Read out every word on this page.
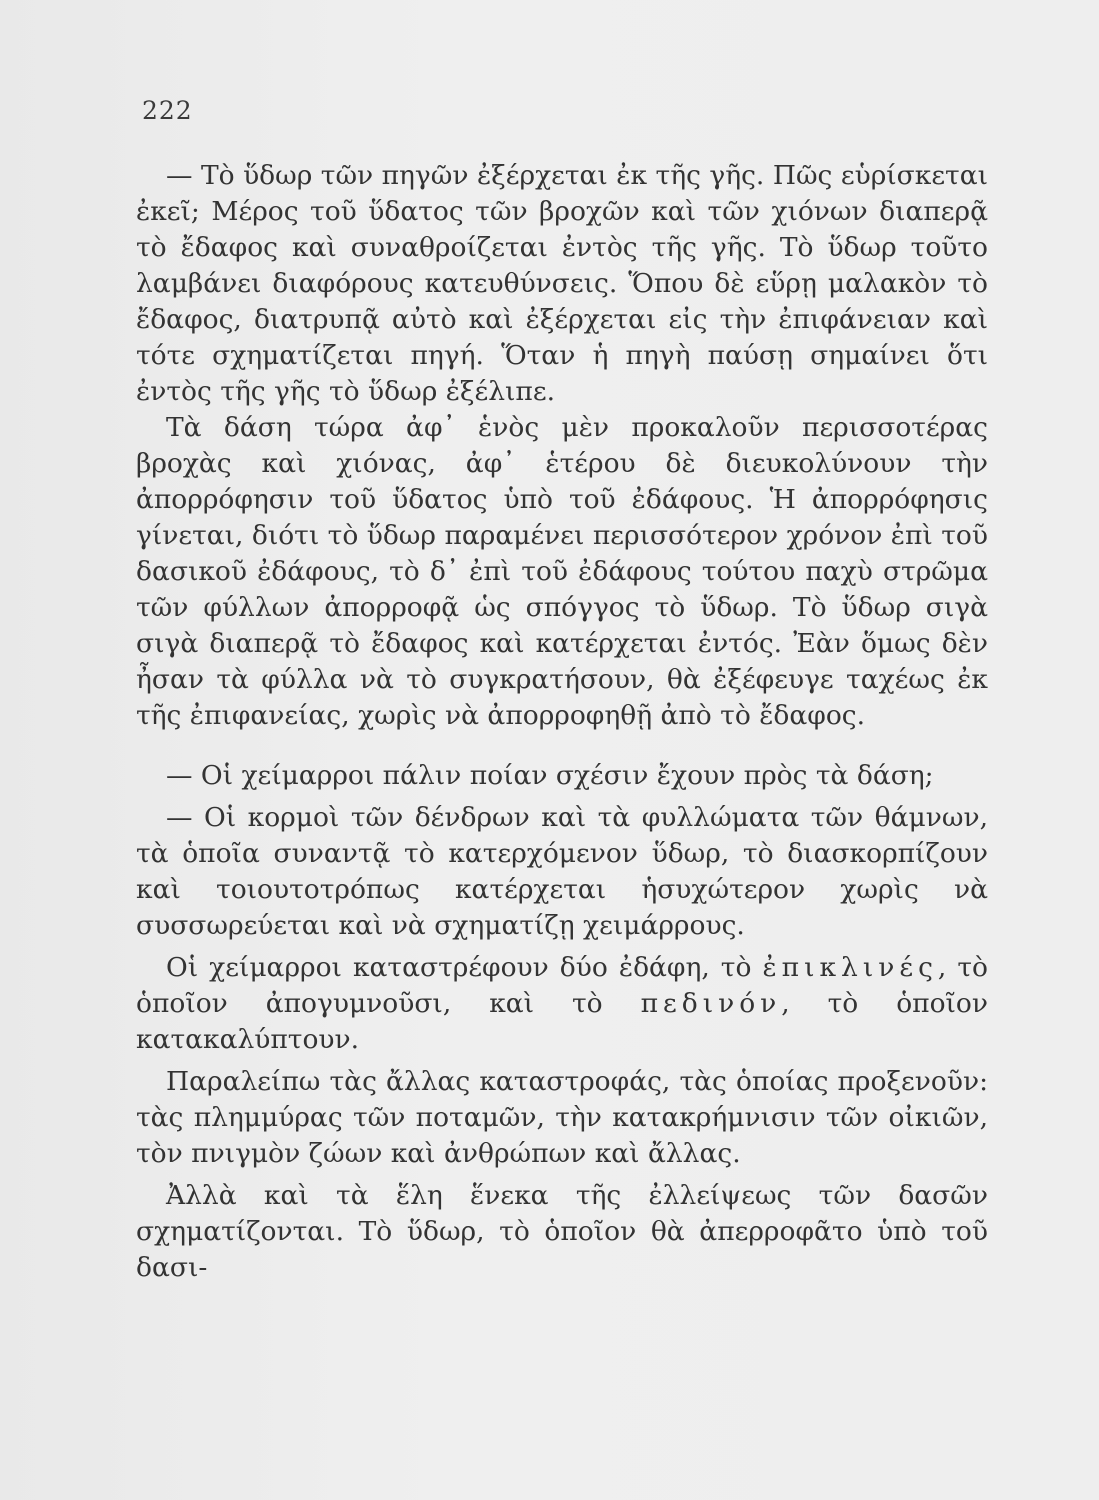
222

— Τὸ ὕδωρ τῶν πηγῶν ἐξέρχεται ἐκ τῆς γῆς. Πῶς εὑρίσκεται ἐκεῖ; Μέρος τοῦ ὕδατος τῶν βροχῶν καὶ τῶν χιόνων διαπερᾷ τὸ ἔδαφος καὶ συναθροίζεται ἐντὸς τῆς γῆς. Τὸ ὕδωρ τοῦτο λαμβάνει διαφόρους κατευθύνσεις. Ὅπου δὲ εὕρῃ μαλακὸν τὸ ἔδαφος, διατρυπᾷ αὐτὸ καὶ ἐξέρχεται εἰς τὴν ἐπιφάνειαν καὶ τότε σχηματίζεται πηγή. Ὅταν ἡ πηγὴ παύσῃ σημαίνει ὅτι ἐντὸς τῆς γῆς τὸ ὕδωρ ἐξέλιπε.

Τὰ δάση τώρα ἀφ᾽ ἑνὸς μὲν προκαλοῦν περισσοτέρας βροχὰς καὶ χιόνας, ἀφ᾽ ἑτέρου δὲ διευκολύνουν τὴν ἀπορρόφησιν τοῦ ὕδατος ὑπὸ τοῦ ἐδάφους. Ἡ ἀπορρόφησις γίνεται, διότι τὸ ὕδωρ παραμένει περισσότερον χρόνον ἐπὶ τοῦ δασικοῦ ἐδάφους, τὸ δ᾽ ἐπὶ τοῦ ἐδάφους τούτου παχὺ στρῶμα τῶν φύλλων ἀπορροφᾷ ὡς σπόγγος τὸ ὕδωρ. Τὸ ὕδωρ σιγὰ σιγὰ διαπερᾷ τὸ ἔδαφος καὶ κατέρχεται ἐντός. Ἐὰν ὅμως δὲν ἦσαν τὰ φύλλα νὰ τὸ συγκρατήσουν, θὰ ἐξέφευγε ταχέως ἐκ τῆς ἐπιφανείας, χωρὶς νὰ ἀπορροφηθῇ ἀπὸ τὸ ἔδαφος.

— Οἱ χείμαρροι πάλιν ποίαν σχέσιν ἔχουν πρὸς τὰ δάση;

— Οἱ κορμοὶ τῶν δένδρων καὶ τὰ φυλλώματα τῶν θάμνων, τὰ ὁποῖα συναντᾷ τὸ κατερχόμενον ὕδωρ, τὸ διασκορπίζουν καὶ τοιουτοτρόπως κατέρχεται ἡσυχώτερον χωρὶς νὰ συσσωρεύεται καὶ νὰ σχηματίζῃ χειμάρρους.

Οἱ χείμαρροι καταστρέφουν δύο ἐδάφη, τὸ ἐπικλινές, τὸ ὁποῖον ἀπογυμνοῦσι, καὶ τὸ πεδινόν, τὸ ὁποῖον κατακαλύπτουν.

Παραλείπω τὰς ἄλλας καταστροφάς, τὰς ὁποίας προξενοῦν: τὰς πλημμύρας τῶν ποταμῶν, τὴν κατακρήμνισιν τῶν οἰκιῶν, τὸν πνιγμὸν ζώων καὶ ἀνθρώπων καὶ ἄλλας.

Ἀλλὰ καὶ τὰ ἕλη ἕνεκα τῆς ἐλλείψεως τῶν δασῶν σχηματίζονται. Τὸ ὕδωρ, τὸ ὁποῖον θὰ ἀπερροφᾶτο ὑπὸ τοῦ δασι-
